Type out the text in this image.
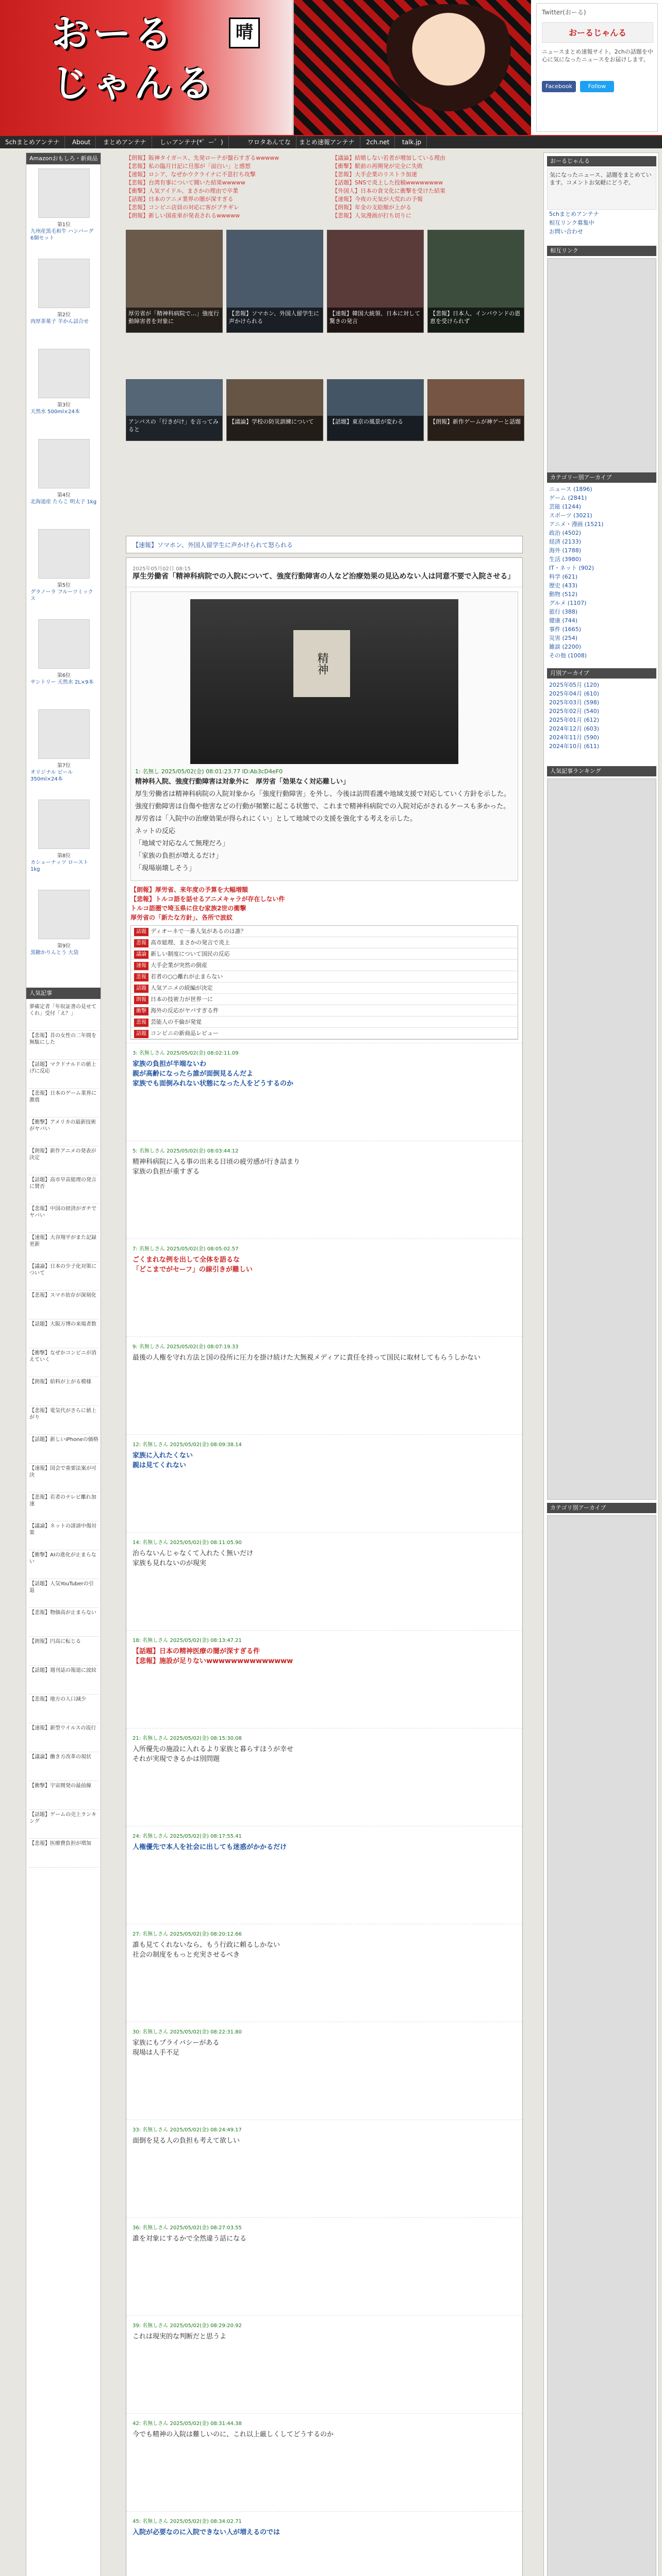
おーる
じゃんる
晴
Twitter(おーる)
おーるじゃんる
ニュースまとめ速報サイト。2chの話題を中心に気になったニュースをお届けします。
Facebook	Follow
5chまとめアンテナ	About	まとめアンテナ	しぃアンテナ(*゜ー゜)	ワロタあんてな	まとめ速報アンテナ	2ch.net	talk.jp
Amazonおもしろ・新商品
第1位
九州産黒毛和牛 ハンバーグ 6個セット
第2位
肉厚茶菓子 羊かん詰合せ
第3位
天然水 500ml×24本
第4位
北海道産 たらこ 明太子 1kg
第5位
グラノーラ フルーツミックス
第6位
サントリー 天然水 2L×9本
第7位
オリジナル ビール 350ml×24本
第8位
カシューナッツ ロースト 1kg
第9位
黒糖かりんとう 大袋
人気記事
夢確定者「年収証書の見せてくれ」受付「え？」
【悲報】昔の女性の二年間を無駄にした
【話題】マクドナルドの値上げに反応
【悲報】日本のゲーム業界に激震
【衝撃】アメリカの最新技術がヤバい
【朗報】新作アニメの発表が決定
【話題】高市早苗総理の発言に賛否
【悲報】中国の経済がガチでヤバい
【速報】大谷翔平がまた記録更新
【議論】日本の少子化対策について
【悲報】スマホ依存が深刻化
【話題】大阪万博の来場者数
【衝撃】なぜかコンビニが消えていく
【朗報】給料が上がる模様
【悲報】電気代がさらに値上がり
【話題】新しいiPhoneの価格
【速報】国会で重要法案が可決
【悲報】若者のテレビ離れ加速
【議論】ネットの誹謗中傷対策
【衝撃】AIの進化が止まらない
【話題】人気YouTuberの引退
【悲報】物価高が止まらない
【朗報】円高に転じる
【話題】週刊誌の報道に波紋
【悲報】地方の人口減少
【速報】新型ウイルスの流行
【議論】働き方改革の現状
【衝撃】宇宙開発の最前線
【話題】ゲームの売上ランキング
【悲報】医療費負担が増加
【朗報】阪神タイガース、先発ローテが盤石すぎるwwwww
【悲報】私の臨月日記に旦那が「面白い」と感想
【速報】ロシア、なぜかウクライナに不意打ち攻撃
【悲報】台湾有事について聞いた結果wwwww
【衝撃】人気アイドル、まさかの理由で卒業
【話題】日本のアニメ業界の闇が深すぎる
【悲報】コンビニ店員の対応に客がブチギレ
【朗報】新しい国産車が発表されるwwwww
【議論】結婚しない若者が増加している理由
【衝撃】駅前の再開発が完全に失敗
【悲報】大手企業のリストラ加速
【話題】SNSで炎上した投稿wwwwwwww
【外国人】日本の食文化に衝撃を受けた結果
【速報】今夜の天気が大荒れの予報
【朗報】年金の支給額が上がる
【悲報】人気漫画が打ち切りに
厚労省が「精神科病院で…」強度行動障害者を対象に
【悲報】ソマホン、外国人留学生に声かけられる
【速報】韓国大統領、日本に対して驚きの発言
【悲報】日本人、インバウンドの恩恵を受けられず
アンパスの「行きがけ」を言ってみると
【議論】学校の防災訓練について	【話題】東京の風景が変わる	【朗報】新作ゲームが神ゲーと話題
【速報】ソマホン、外国人留学生に声かけられて怒られる
2025年05月02日 08:15
厚生労働省「精神科病院での入院について、強度行動障害の人など治療効果の見込めない人は同意不要で入院させる」
精神
1: 名無し 2025/05/02(金) 08:01:23.77 ID:Ab3cD4eF0

精神科入院、強度行動障害は対象外に　厚労省「効果なく対応難しい」

厚生労働省は精神科病院の入院対象から「強度行動障害」を外し、今後は訪問看護や地域支援で対応していく方針を示した。

強度行動障害は自傷や他害などの行動が頻繁に起こる状態で、これまで精神科病院での入院対応がされるケースも多かった。

厚労省は「入院中の治療効果が得られにくい」として地域での支援を強化する考えを示した。

ネットの反応

「地域で対応なんて無理だろ」

「家族の負担が増えるだけ」

「現場崩壊しそう」

【朗報】厚労省、来年度の予算を大幅増額
【悲報】トルコ語を話せるアニメキャラが存在しない件
トルコ語圏で埼玉県に住む家族2世の衝撃
厚労省の「新たな方針」、各所で波紋
話題 ディオーネで一番人気があるのは誰？
悲報 高市総理、まさかの発言で炎上
議論 新しい制度について国民の反応
速報 大手企業が突然の倒産
悲報 若者の○○離れが止まらない
話題 人気アニメの続編が決定
朗報 日本の技術力が世界一に
衝撃 海外の反応がヤバすぎる件
悲報 芸能人の不倫が発覚
話題 コンビニの新商品レビュー
3: 名無しさん 2025/05/02(金) 08:02:11.09
家族の負担が半端ないわ
親が高齢になったら誰が面倒見るんだよ
家族でも面倒みれない状態になった人をどうするのか
5: 名無しさん 2025/05/02(金) 08:03:44.12
精神科病院に入る事の出来る日頃の疲労感が行き詰まり
家族の負担が重すぎる
7: 名無しさん 2025/05/02(金) 08:05:02.57
ごくまれな例を出して全体を語るな
「どこまでがセーフ」の線引きが難しい
9: 名無しさん 2025/05/02(金) 08:07:19.33
最後の人権を守れ方法と国の役所に圧力を掛け続けた大無視メディアに責任を持って国民に取材してもらうしかない
12: 名無しさん 2025/05/02(金) 08:09:38.14
家族に入れたくない
親は見てくれない
14: 名無しさん 2025/05/02(金) 08:11:05.90
治らないんじゃなくて入れたく無いだけ
家族も見れないのが現実
18: 名無しさん 2025/05/02(金) 08:13:47.21
【話題】日本の精神医療の闇が深すぎる件
【悲報】施設が足りないwwwwwwwwwwwwww
21: 名無しさん 2025/05/02(金) 08:15:30.08
入所優先の施設に入れるより家族と暮らすほうが幸せ
それが実現できるかは別問題
24: 名無しさん 2025/05/02(金) 08:17:55.41
人権優先で本人を社会に出しても迷惑がかかるだけ
27: 名無しさん 2025/05/02(金) 08:20:12.66
誰も見てくれないなら、もう行政に頼るしかない
社会の制度をもっと充実させるべき
30: 名無しさん 2025/05/02(金) 08:22:31.80
家族にもプライバシーがある
現場は人手不足
33: 名無しさん 2025/05/02(金) 08:24:49.17
面倒を見る人の負担も考えて欲しい
36: 名無しさん 2025/05/02(金) 08:27:03.55
誰を対象にするかで全然違う話になる
39: 名無しさん 2025/05/02(金) 08:29:20.92
これは現実的な判断だと思うよ
42: 名無しさん 2025/05/02(金) 08:31:44.38
今でも精神の入院は難しいのに、これ以上厳しくしてどうするのか
45: 名無しさん 2025/05/02(金) 08:34:02.71
入院が必要なのに入院できない人が増えるのでは
おーるじゃんる
気になったニュース、話題をまとめています。コメントお気軽にどうぞ。
5chまとめアンテナ
相互リンク募集中
お問い合わせ
相互リンク
カテゴリー別アーカイブ
ニュース (1896)
ゲーム (2841)
芸能 (1244)
スポーツ (3021)
アニメ・漫画 (1521)
政治 (4502)
経済 (2133)
海外 (1788)
生活 (3980)
IT・ネット (902)
科学 (621)
歴史 (433)
動物 (512)
グルメ (1107)
旅行 (388)
健康 (744)
事件 (1665)
災害 (254)
雑談 (2200)
その他 (1008)
月別アーカイブ
2025年05月 (120)
2025年04月 (610)
2025年03月 (598)
2025年02月 (540)
2025年01月 (612)
2024年12月 (603)
2024年11月 (590)
2024年10月 (611)
人気記事ランキング
カテゴリ別アーカイブ
